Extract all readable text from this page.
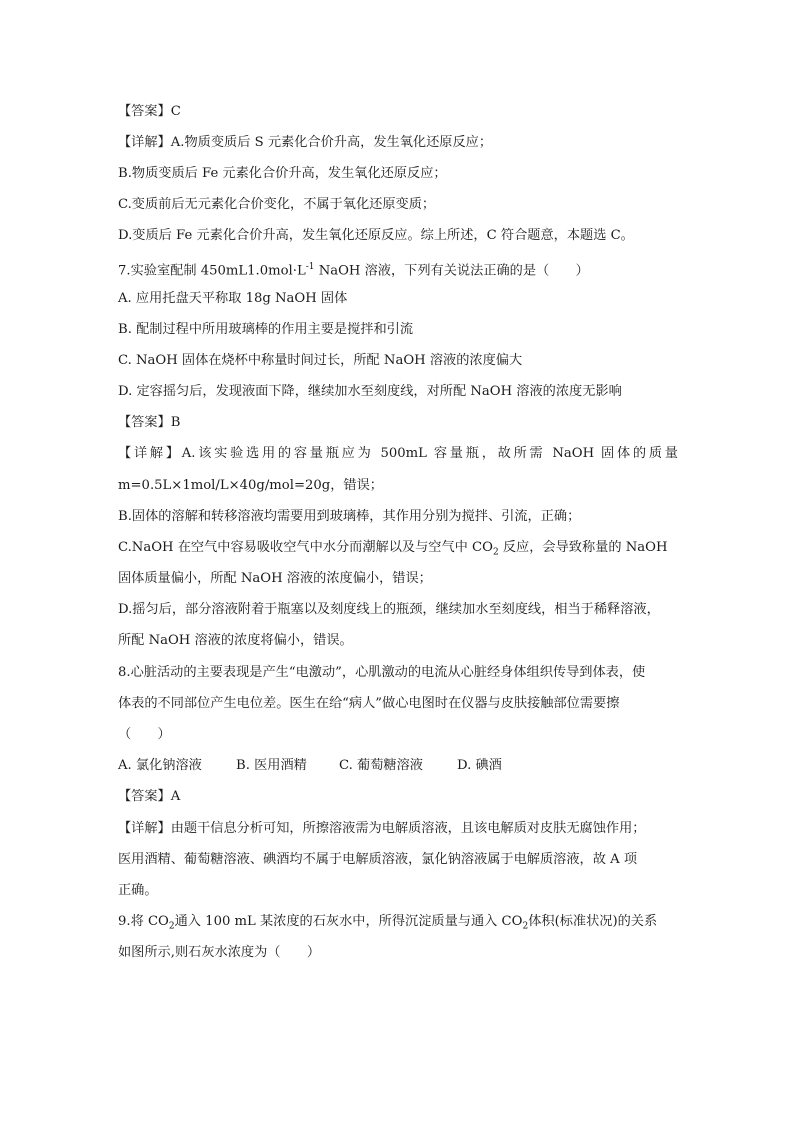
【答案】C
【详解】A.物质变质后 S 元素化合价升高，发生氧化还原反应；
B.物质变质后 Fe 元素化合价升高，发生氧化还原反应；
C.变质前后无元素化合价变化，不属于氧化还原变质；
D.变质后 Fe 元素化合价升高，发生氧化还原反应。综上所述，C 符合题意，本题选 C。
7.实验室配制 $450mL1.0mol\cdot L^{-1}$ NaOH 溶液，下列有关说法正确的是（　　）
A. 应用托盘天平称取 18g NaOH 固体
B. 配制过程中所用玻璃棒的作用主要是搅拌和引流
C. NaOH 固体在烧杯中称量时间过长，所配 NaOH 溶液的浓度偏大
D. 定容摇匀后，发现液面下降，继续加水至刻度线，对所配 NaOH 溶液的浓度无影响
【答案】B
【详解】A.该实验选用的容量瓶应为 500mL 容量瓶，故所需 NaOH 固体的质量
m=0.5L×1mol/L×40g/mol=20g，错误；
B.固体的溶解和转移溶液均需要用到玻璃棒，其作用分别为搅拌、引流，正确；
C.NaOH 在空气中容易吸收空气中水分而潮解以及与空气中 $CO_2$ 反应，会导致称量的 NaOH
固体质量偏小，所配 NaOH 溶液的浓度偏小，错误；
D.摇匀后，部分溶液附着于瓶塞以及刻度线上的瓶颈，继续加水至刻度线，相当于稀释溶液，
所配 NaOH 溶液的浓度将偏小，错误。
8.心脏活动的主要表现是产生“电激动”，心肌激动的电流从心脏经身体组织传导到体表，使
体表的不同部位产生电位差。医生在给“病人”做心电图时在仪器与皮肤接触部位需要擦
（　　）
A. 氯化钠溶液	B. 医用酒精 C. 葡萄糖溶液	D. 碘酒
【答案】A
【详解】由题干信息分析可知，所擦溶液需为电解质溶液，且该电解质对皮肤无腐蚀作用；
医用酒精、葡萄糖溶液、碘酒均不属于电解质溶液，氯化钠溶液属于电解质溶液，故 A 项
正确。
9.将 $CO_2$通入 100 mL 某浓度的石灰水中，所得沉淀质量与通入 $CO_2$体积(标准状况)的关系
如图所示,则石灰水浓度为（　　）
